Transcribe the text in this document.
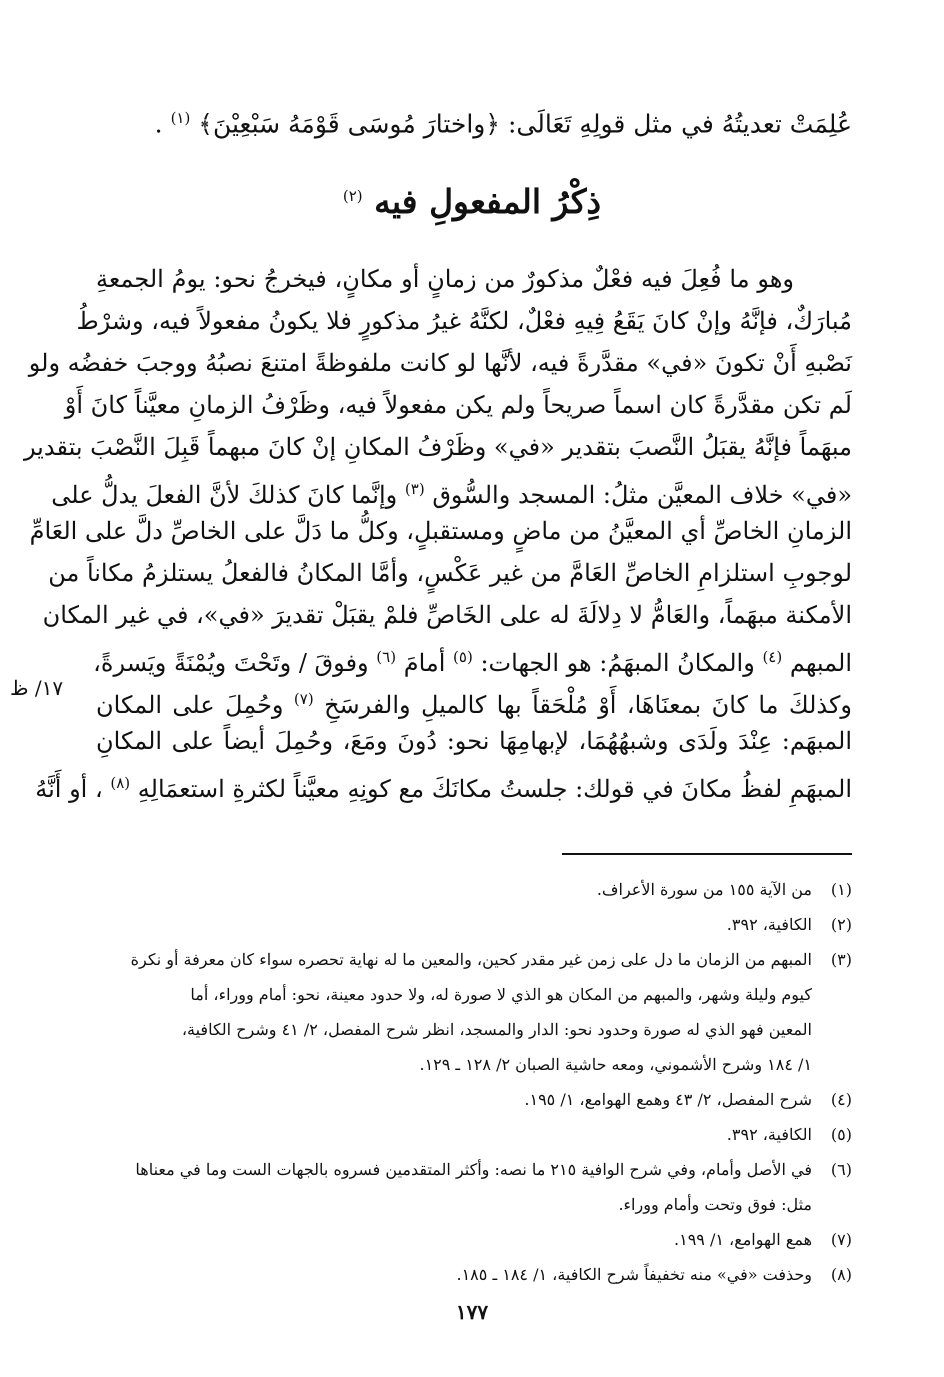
عُلِمَتْ تعديتُهُ في مثل قولِهِ تَعَالَى: ﴿واختارَ مُوسَى قَوْمَهُ سَبْعِيْنَ﴾ $^{(١)}$ .
ذِكْرُ المفعولِ فيه $^{(٢)}$
وهو ما فُعِلَ فيه فعْلٌ مذكورٌ من زمانٍ أو مكانٍ، فيخرجُ نحو: يومُ الجمعةِ
مُبارَكٌ، فإنَّهُ وإنْ كانَ يَقَعُ فِيهِ فعْلٌ، لكنَّهُ غيرُ مذكورٍ فلا يكونُ مفعولاً فيه، وشرْطُ
نَصْبهِ أَنْ تكونَ «في» مقدَّرةً فيه، لأنَّها لو كانت ملفوظةً امتنعَ نصبُهُ ووجبَ خفضُه ولو
لَم تكن مقدَّرةً كان اسماً صريحاً ولم يكن مفعولاً فيه، وظَرْفُ الزمانِ معيَّناً كانَ أَوْ
مبهَماً فإنَّهُ يقبَلُ النَّصبَ بتقدير «في» وظَرْفُ المكانِ إنْ كانَ مبهماً قَبِلَ النَّصْبَ بتقدير
«في» خلاف المعيَّن مثلُ: المسجد والسُّوق $^{(٣)}$ وإنَّما كانَ كذلكَ لأنَّ الفعلَ يدلُّ على
الزمانِ الخاصِّ أي المعيَّنُ من ماضٍ ومستقبلٍ، وكلُّ ما دَلَّ على الخاصِّ دلَّ على العَامِّ
لوجوبِ استلزامِ الخاصِّ العَامَّ من غير عَكْسٍ، وأمَّا المكانُ فالفعلُ يستلزمُ مكاناً من
الأمكنة مبهَماً، والعَامُّ لا دِلالَةَ له على الخَاصِّ فلمْ يقبَلْ تقديرَ «في»، في غير المكان
المبهم $^{(٤)}$ والمكانُ المبهَمُ: هو الجهات: $^{(٥)}$ أمامَ $^{(٦)}$ وفوقَ / وتَحْتَ ويُمْنَةً ويَسرةً،
وكذلكَ ما كانَ بمعنَاهَا، أَوْ مُلْحَقاً بها كالميلِ والفرسَخِ $^{(٧)}$ وحُمِلَ على المكان
المبهَم: عِنْدَ ولَدَى وشبهُهُمَا، لإبهامِهَا نحو: دُونَ ومَعَ، وحُمِلَ أيضاً على المكانِ
المبهَمِ لفظُ مكانَ في قولك: جلستُ مكانَكَ مع كونِهِ معيَّناً لكثرةِ استعمَالِهِ $^{(٨)}$ ، أو أَنَّهُ
١٧/ ظ
(١)
من الآية ١٥٥ من سورة الأعراف.
(٢)
الكافية، ٣٩٢.
(٣)
المبهم من الزمان ما دل على زمن غير مقدر كحين، والمعين ما له نهاية تحصره سواء كان معرفة أو نكرة
كيوم وليلة وشهر، والمبهم من المكان هو الذي لا صورة له، ولا حدود معينة، نحو: أمام ووراء، أما
المعين فهو الذي له صورة وحدود نحو: الدار والمسجد، انظر شرح المفصل، ٢/ ٤١ وشرح الكافية،
١/ ١٨٤ وشرح الأشموني، ومعه حاشية الصبان ٢/ ١٢٨ ـ ١٢٩.
(٤)
شرح المفصل، ٢/ ٤٣ وهمع الهوامع، ١/ ١٩٥.
(٥)
الكافية، ٣٩٢.
(٦)
في الأصل وأمام، وفي شرح الوافية ٢١٥ ما نصه: وأكثر المتقدمين فسروه بالجهات الست وما في معناها
مثل: فوق وتحت وأمام ووراء.
(٧)
همع الهوامع، ١/ ١٩٩.
(٨)
وحذفت «في» منه تخفيفاً شرح الكافية، ١/ ١٨٤ ـ ١٨٥.
١٧٧
